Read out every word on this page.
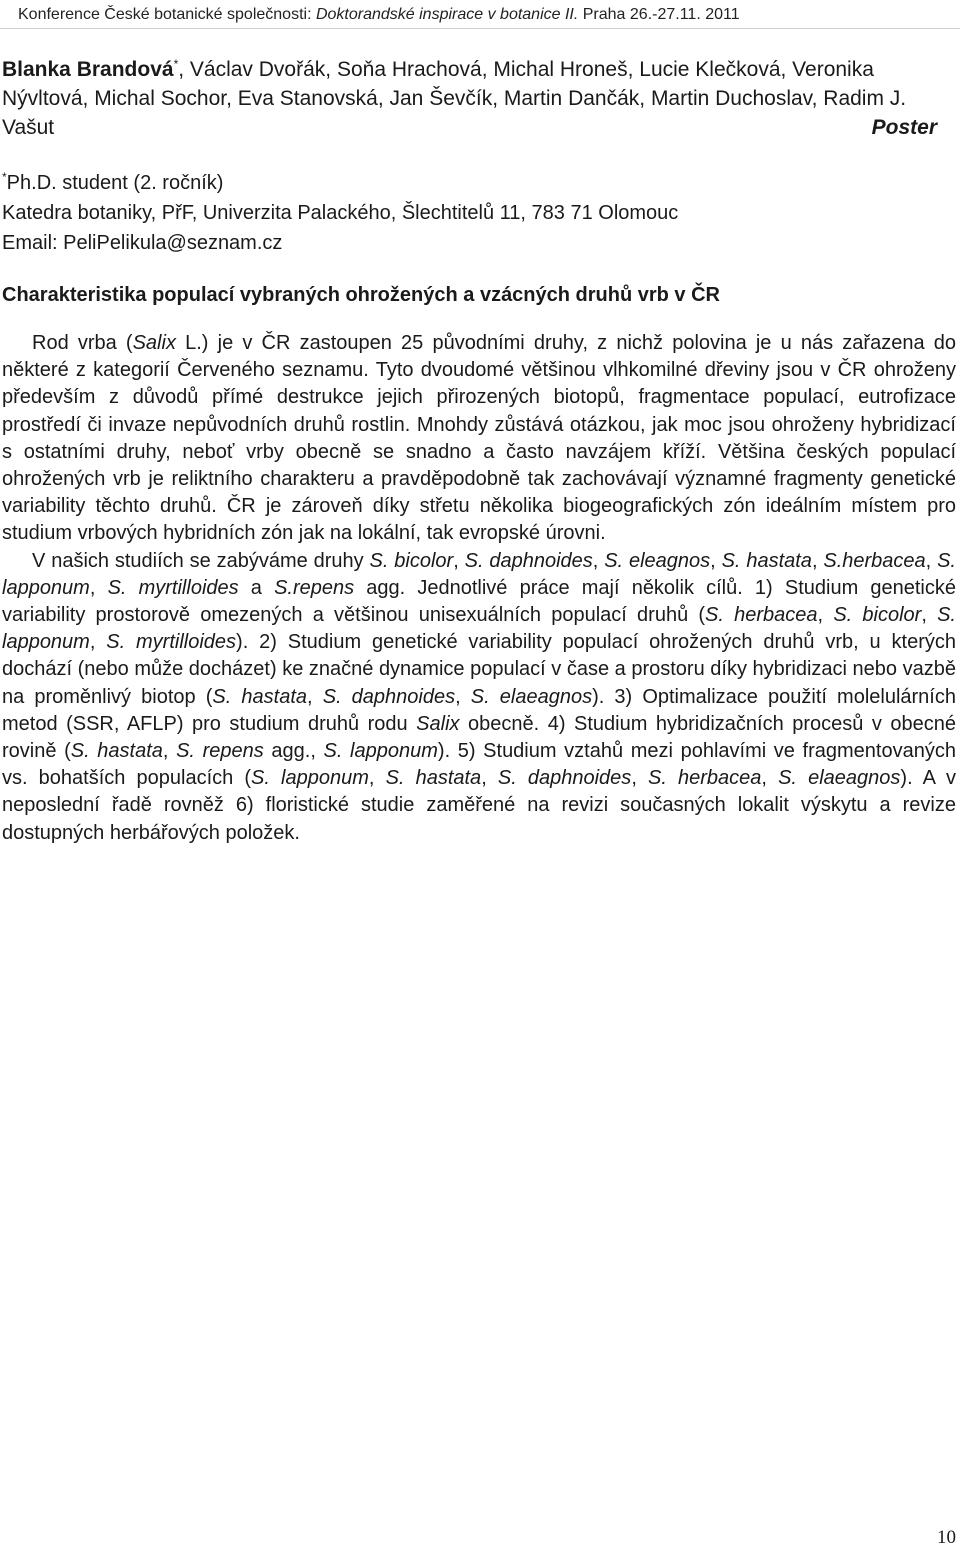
Konference České botanické společnosti: Doktorandské inspirace v botanice II. Praha 26.-27.11. 2011
Blanka Brandová*, Václav Dvořák, Soňa Hrachová, Michal Hroneš, Lucie Klečková, Veronika Nývltová, Michal Sochor, Eva Stanovská, Jan Ševčík, Martin Dančák, Martin Duchoslav, Radim J. Vašut	Poster
*Ph.D. student (2. ročník)
Katedra botaniky, PřF, Univerzita Palackého, Šlechtitelů 11, 783 71 Olomouc
Email: PeliPelikula@seznam.cz
Charakteristika populací vybraných ohrožených a vzácných druhů vrb v ČR

Rod vrba (Salix L.) je v ČR zastoupen 25 původními druhy, z nichž polovina je u nás zařazena do některé z kategorií Červeného seznamu. Tyto dvoudomé většinou vlhkomilné dřeviny jsou v ČR ohroženy především z důvodů přímé destrukce jejich přirozených biotopů, fragmentace populací, eutrofizace prostředí či invaze nepůvodních druhů rostlin. Mnohdy zůstává otázkou, jak moc jsou ohroženy hybridizací s ostatními druhy, neboť vrby obecně se snadno a často navzájem kříží. Většina českých populací ohrožených vrb je reliktního charakteru a pravděpodobně tak zachovávají významné fragmenty genetické variability těchto druhů. ČR je zároveň díky střetu několika biogeografických zón ideálním místem pro studium vrbových hybridních zón jak na lokální, tak evropské úrovni.

V našich studiích se zabýváme druhy S. bicolor, S. daphnoides, S. eleagnos, S. hastata, S.herbacea, S. lapponum, S. myrtilloides a S.repens agg. Jednotlivé práce mají několik cílů. 1) Studium genetické variability prostorově omezených a většinou unisexuálních populací druhů (S. herbacea, S. bicolor, S. lapponum, S. myrtilloides). 2) Studium genetické variability populací ohrožených druhů vrb, u kterých dochází (nebo může docházet) ke značné dynamice populací v čase a prostoru díky hybridizaci nebo vazbě na proměnlivý biotop (S. hastata, S. daphnoides, S. elaeagnos). 3) Optimalizace použití molelulárních metod (SSR, AFLP) pro studium druhů rodu Salix obecně. 4) Studium hybridizačních procesů v obecné rovině (S. hastata, S. repens agg., S. lapponum). 5) Studium vztahů mezi pohlavími ve fragmentovaných vs. bohatších populacích (S. lapponum, S. hastata, S. daphnoides, S. herbacea, S. elaeagnos). A v neposlední řadě rovněž 6) floristické studie zaměřené na revizi současných lokalit výskytu a revize dostupných herbářových položek.

10
